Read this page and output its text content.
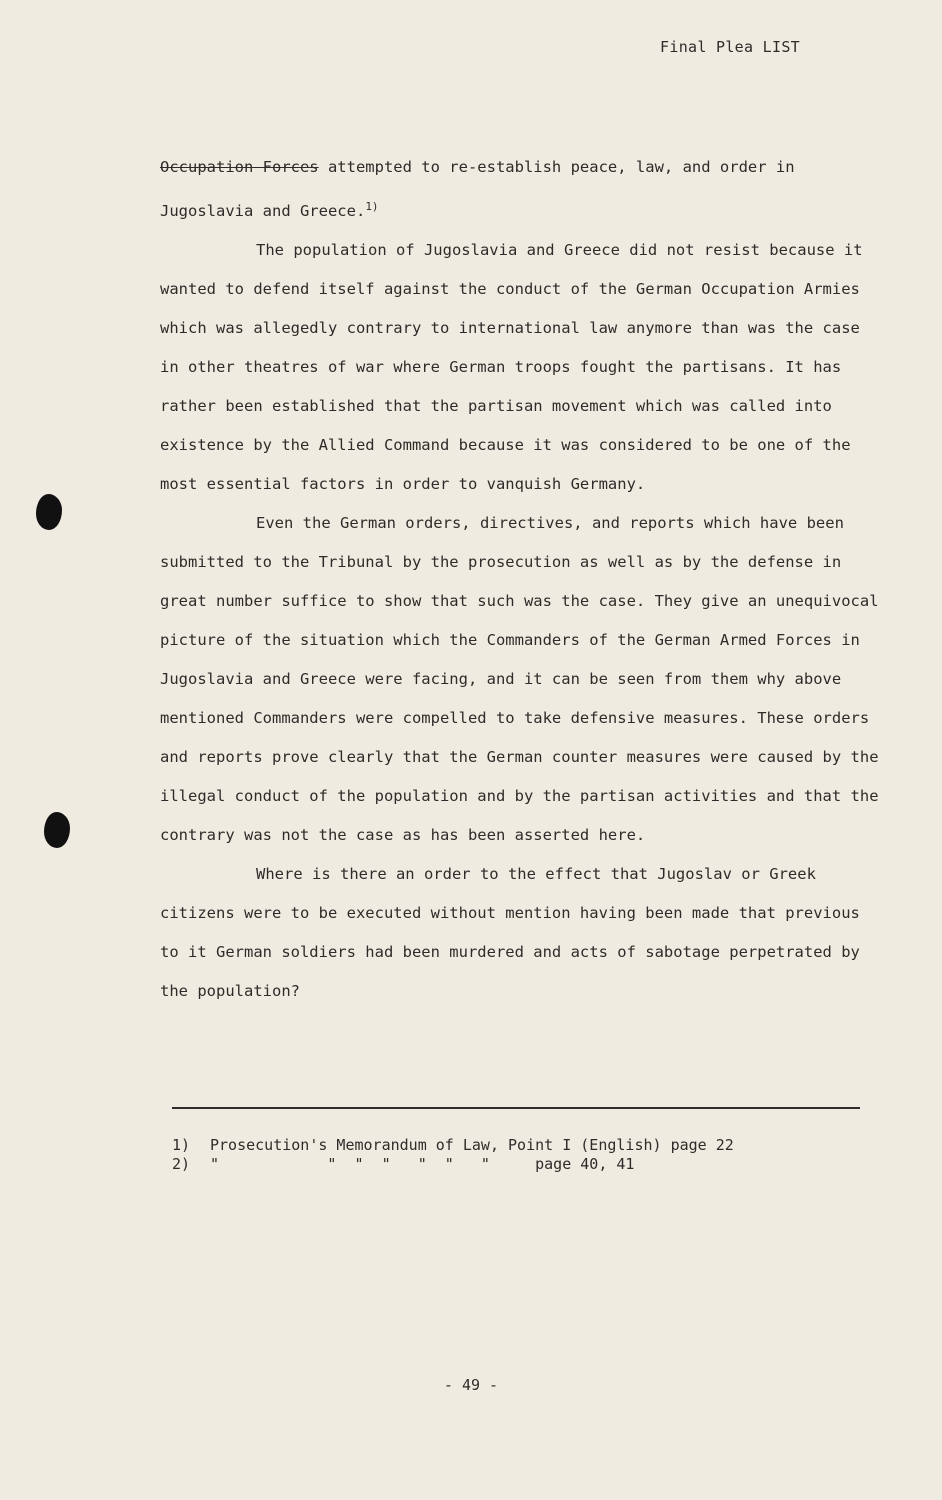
Final Plea LIST

Occupation Forces attempted to re-establish peace, law, and order in Jugoslavia and Greece.$^{1)}$

The population of Jugoslavia and Greece did not resist because it wanted to defend itself against the conduct of the German Occupation Armies which was allegedly contrary to international law anymore than was the case in other theatres of war where German troops fought the partisans. It has rather been established that the partisan movement which was called into existence by the Allied Command because it was considered to be one of the most essential factors in order to vanquish Germany.

Even the German orders, directives, and reports which have been submitted to the Tribunal by the prosecution as well as by the defense in great number suffice to show that such was the case. They give an unequivocal picture of the situation which the Commanders of the German Armed Forces in Jugoslavia and Greece were facing, and it can be seen from them why above mentioned Commanders were compelled to take defensive measures. These orders and reports prove clearly that the German counter measures were caused by the illegal conduct of the population and by the partisan activities and that the contrary was not the case as has been asserted here.

Where is there an order to the effect that Jugoslav or Greek citizens were to be executed without mention having been made that previous to it German soldiers had been murdered and acts of sabotage perpetrated by the population?

1)	Prosecution's Memorandum of Law, Point I (English) page 22
2)	"            "  "  "   "  "   "     page 40, 41
- 49 -
